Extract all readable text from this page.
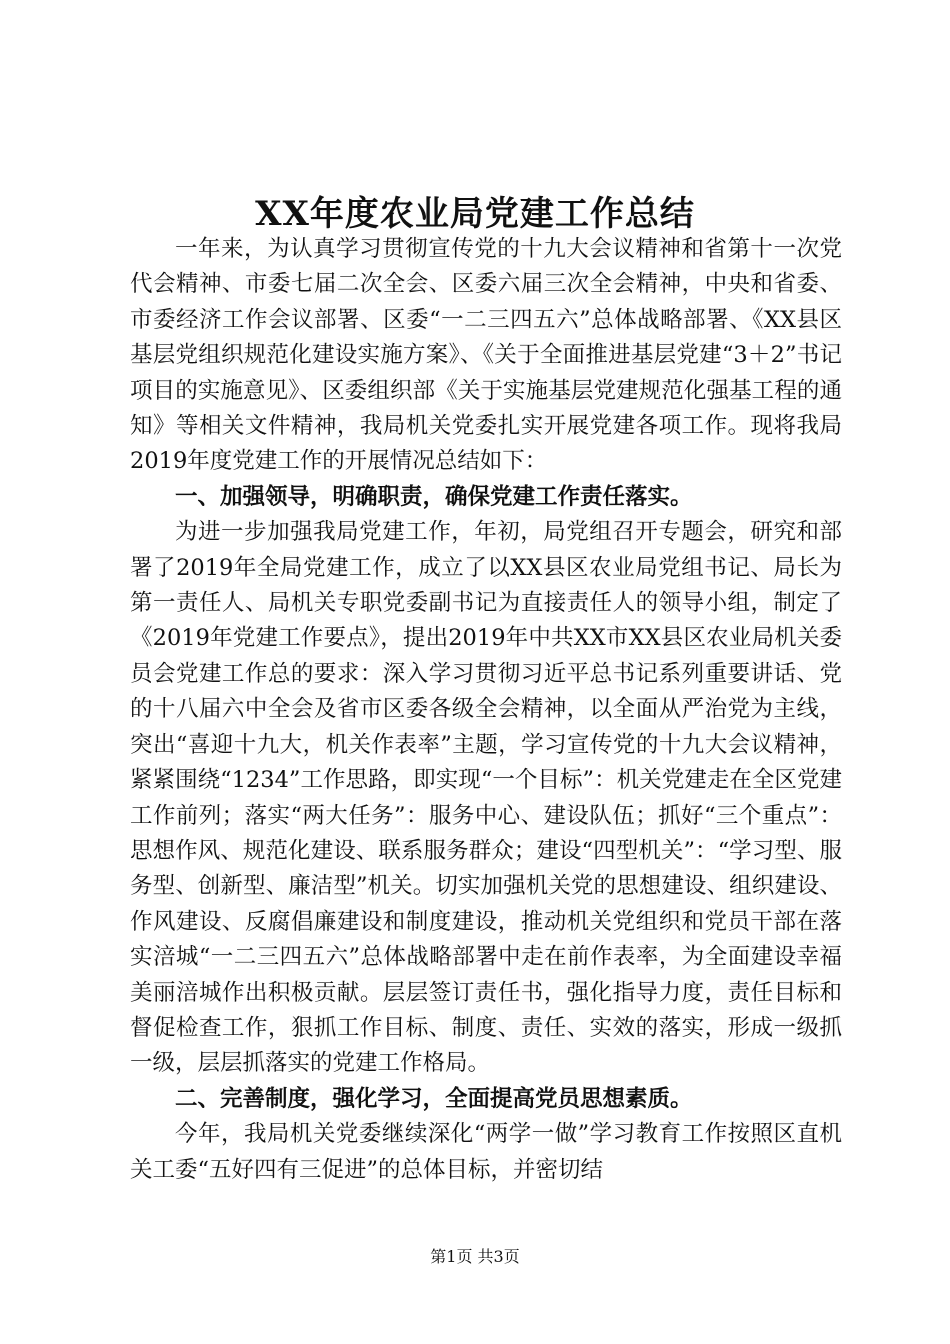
XX年度农业局党建工作总结

一年来，为认真学习贯彻宣传党的十九大会议精神和省第十一次党代会精神、市委七届二次全会、区委六届三次全会精神，中央和省委、市委经济工作会议部署、区委“一二三四五六”总体战略部署、《XX县区基层党组织规范化建设实施方案》、《关于全面推进基层党建“3＋2”书记项目的实施意见》、区委组织部《关于实施基层党建规范化强基工程的通知》等相关文件精神，我局机关党委扎实开展党建各项工作。现将我局2019年度党建工作的开展情况总结如下：

一、加强领导，明确职责，确保党建工作责任落实。

为进一步加强我局党建工作，年初，局党组召开专题会，研究和部署了2019年全局党建工作，成立了以XX县区农业局党组书记、局长为第一责任人、局机关专职党委副书记为直接责任人的领导小组，制定了《2019年党建工作要点》，提出2019年中共XX市XX县区农业局机关委员会党建工作总的要求：深入学习贯彻习近平总书记系列重要讲话、党的十八届六中全会及省市区委各级全会精神，以全面从严治党为主线，突出“喜迎十九大，机关作表率”主题，学习宣传党的十九大会议精神，紧紧围绕“1234”工作思路，即实现“一个目标”：机关党建走在全区党建工作前列；落实“两大任务”：服务中心、建设队伍；抓好“三个重点”：思想作风、规范化建设、联系服务群众；建设“四型机关”：“学习型、服务型、创新型、廉洁型”机关。切实加强机关党的思想建设、组织建设、作风建设、反腐倡廉建设和制度建设，推动机关党组织和党员干部在落实涪城“一二三四五六”总体战略部署中走在前作表率，为全面建设幸福美丽涪城作出积极贡献。层层签订责任书，强化指导力度，责任目标和督促检查工作，狠抓工作目标、制度、责任、实效的落实，形成一级抓一级，层层抓落实的党建工作格局。

二、完善制度，强化学习，全面提高党员思想素质。

今年，我局机关党委继续深化“两学一做”学习教育工作按照区直机关工委“五好四有三促进”的总体目标，并密切结

第1页 共3页
